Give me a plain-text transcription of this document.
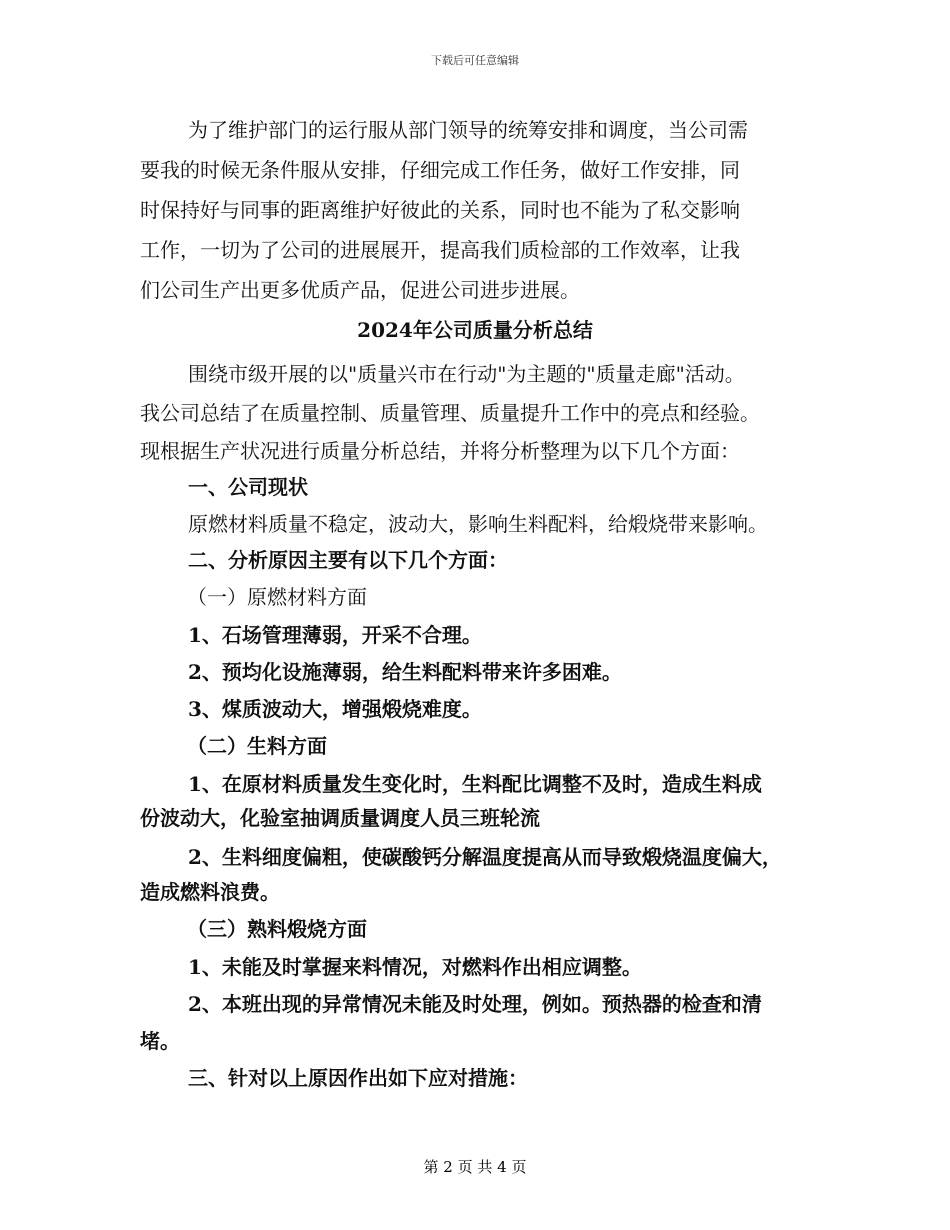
下载后可任意编辑
为了维护部门的运行服从部门领导的统筹安排和调度，当公司需
要我的时候无条件服从安排，仔细完成工作任务，做好工作安排，同
时保持好与同事的距离维护好彼此的关系，同时也不能为了私交影响
工作，一切为了公司的进展展开，提高我们质检部的工作效率，让我
们公司生产出更多优质产品，促进公司进步进展。
2024年公司质量分析总结
围绕市级开展的以"质量兴市在行动"为主题的"质量走廊"活动。
我公司总结了在质量控制、质量管理、质量提升工作中的亮点和经验。
现根据生产状况进行质量分析总结，并将分析整理为以下几个方面：
一、公司现状
原燃材料质量不稳定，波动大，影响生料配料，给煅烧带来影响。
二、分析原因主要有以下几个方面：
（一）原燃材料方面
1、石场管理薄弱，开采不合理。
2、预均化设施薄弱，给生料配料带来许多困难。
3、煤质波动大，增强煅烧难度。
（二）生料方面
1、在原材料质量发生变化时，生料配比调整不及时，造成生料成
份波动大，化验室抽调质量调度人员三班轮流
2、生料细度偏粗，使碳酸钙分解温度提高从而导致煅烧温度偏大，
造成燃料浪费。
（三）熟料煅烧方面
1、未能及时掌握来料情况，对燃料作出相应调整。
2、本班出现的异常情况未能及时处理，例如。预热器的检查和清
堵。
三、针对以上原因作出如下应对措施：
第 2 页 共 4 页
